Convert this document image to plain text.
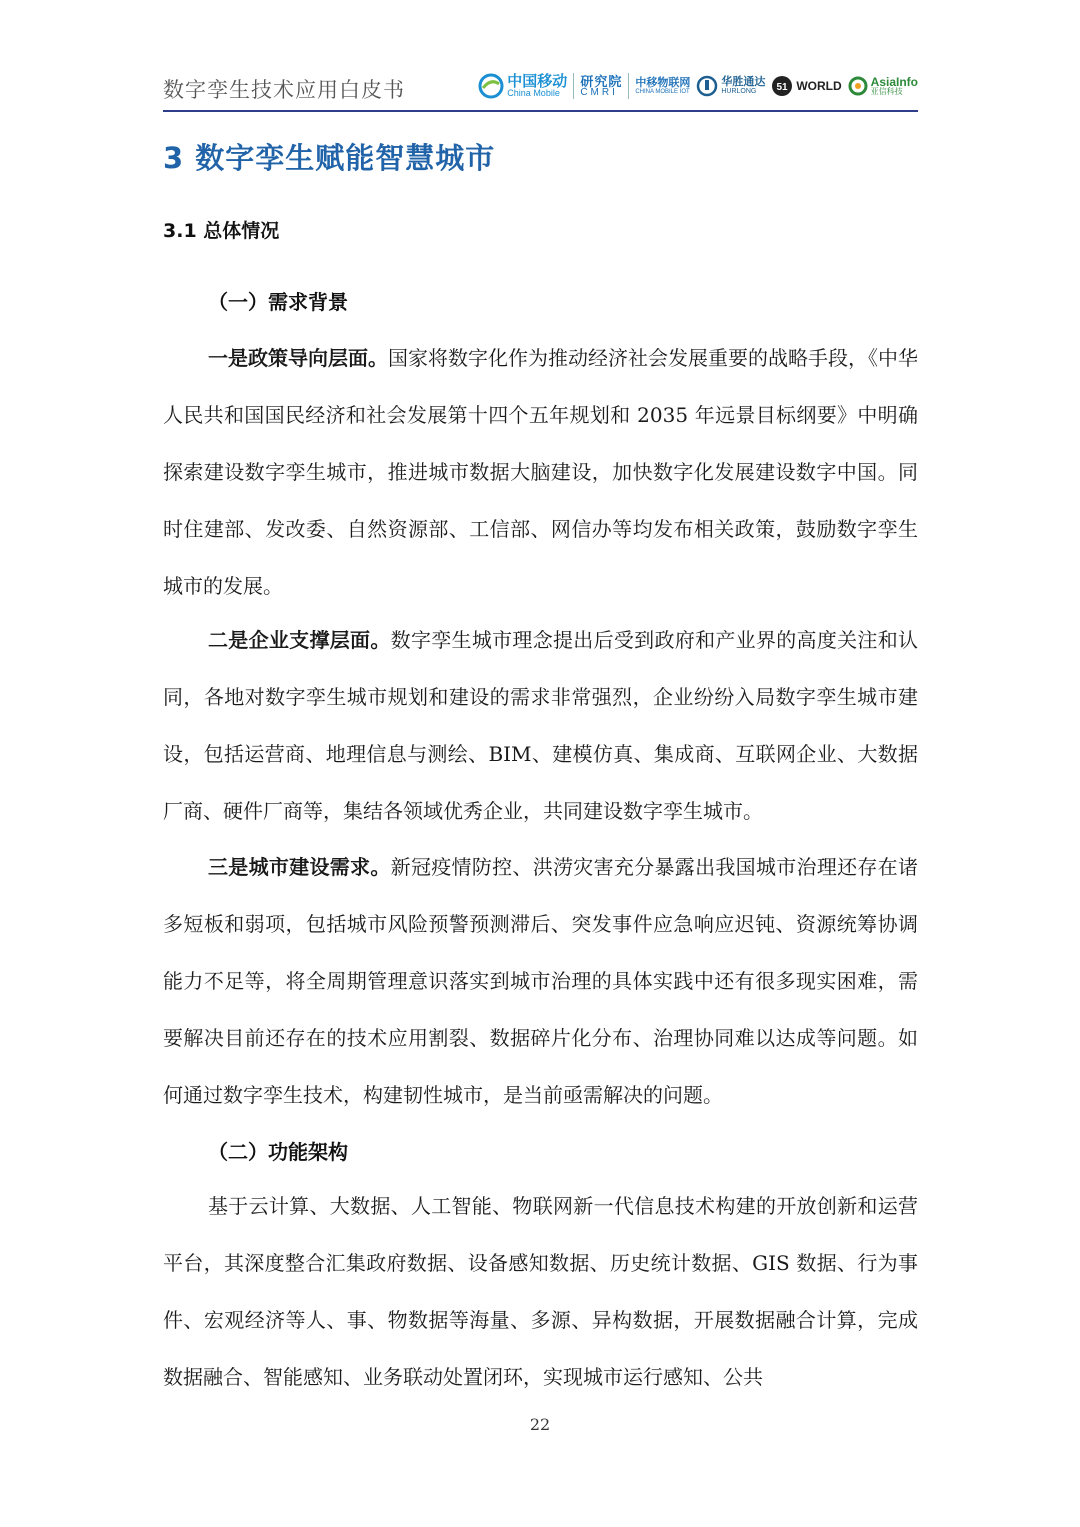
数字孪生技术应用白皮书	中国移动
China Mobile
研究院
CMRI
中移物联网
CHINA MOBILE IOT
华胜通达
HURLONG	51 WORLD AsiaInfo
亚信科技
3 数字孪生赋能智慧城市
3.1 总体情况
（一）需求背景
一是政策导向层面。国家将数字化作为推动经济社会发展重要的战略手段，《中华人民共和国国民经济和社会发展第十四个五年规划和 2035 年远景目标纲要》中明确探索建设数字孪生城市，推进城市数据大脑建设，加快数字化发展建设数字中国。同时住建部、发改委、自然资源部、工信部、网信办等均发布相关政策，鼓励数字孪生城市的发展。
二是企业支撑层面。数字孪生城市理念提出后受到政府和产业界的高度关注和认同，各地对数字孪生城市规划和建设的需求非常强烈，企业纷纷入局数字孪生城市建设，包括运营商、地理信息与测绘、BIM、建模仿真、集成商、互联网企业、大数据厂商、硬件厂商等，集结各领域优秀企业，共同建设数字孪生城市。
三是城市建设需求。新冠疫情防控、洪涝灾害充分暴露出我国城市治理还存在诸多短板和弱项，包括城市风险预警预测滞后、突发事件应急响应迟钝、资源统筹协调能力不足等，将全周期管理意识落实到城市治理的具体实践中还有很多现实困难，需要解决目前还存在的技术应用割裂、数据碎片化分布、治理协同难以达成等问题。如何通过数字孪生技术，构建韧性城市，是当前亟需解决的问题。
（二）功能架构
基于云计算、大数据、人工智能、物联网新一代信息技术构建的开放创新和运营平台，其深度整合汇集政府数据、设备感知数据、历史统计数据、GIS 数据、行为事件、宏观经济等人、事、物数据等海量、多源、异构数据，开展数据融合计算，完成数据融合、智能感知、业务联动处置闭环，实现城市运行感知、公共
22
